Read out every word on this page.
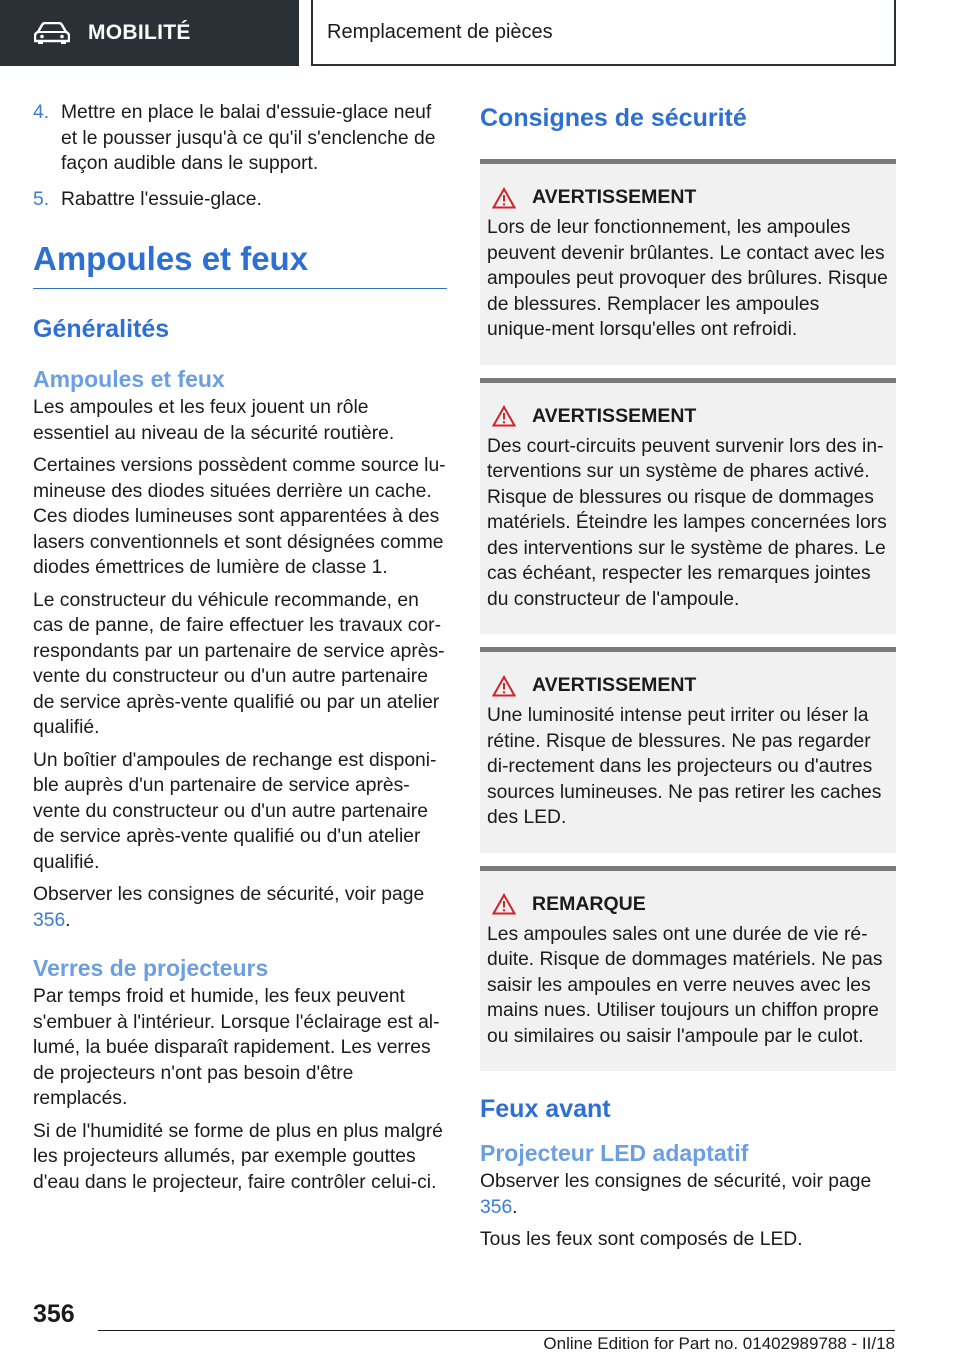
MOBILITÉ	Remplacement de pièces
4. Mettre en place le balai d'essuie-glace neuf et le pousser jusqu'à ce qu'il s'enclenche de façon audible dans le support.
5. Rabattre l'essuie-glace.
Ampoules et feux
Généralités
Ampoules et feux
Les ampoules et les feux jouent un rôle essentiel au niveau de la sécurité routière.
Certaines versions possèdent comme source lu-mineuse des diodes situées derrière un cache. Ces diodes lumineuses sont apparentées à des lasers conventionnels et sont désignées comme diodes émettrices de lumière de classe 1.
Le constructeur du véhicule recommande, en cas de panne, de faire effectuer les travaux cor-respondants par un partenaire de service après-vente du constructeur ou d'un autre partenaire de service après-vente qualifié ou par un atelier qualifié.
Un boîtier d'ampoules de rechange est disponi-ble auprès d'un partenaire de service après-vente du constructeur ou d'un autre partenaire de service après-vente qualifié ou d'un atelier qualifié.
Observer les consignes de sécurité, voir page 356.
Verres de projecteurs
Par temps froid et humide, les feux peuvent s'embuer à l'intérieur. Lorsque l'éclairage est al-lumé, la buée disparaît rapidement. Les verres de projecteurs n'ont pas besoin d'être remplacés.
Si de l'humidité se forme de plus en plus malgré les projecteurs allumés, par exemple gouttes d'eau dans le projecteur, faire contrôler celui-ci.
Consignes de sécurité
AVERTISSEMENT
Lors de leur fonctionnement, les ampoules peuvent devenir brûlantes. Le contact avec les ampoules peut provoquer des brûlures. Risque de blessures. Remplacer les ampoules unique-ment lorsqu'elles ont refroidi.
AVERTISSEMENT
Des court-circuits peuvent survenir lors des in-terventions sur un système de phares activé. Risque de blessures ou risque de dommages matériels. Éteindre les lampes concernées lors des interventions sur le système de phares. Le cas échéant, respecter les remarques jointes du constructeur de l'ampoule.
AVERTISSEMENT
Une luminosité intense peut irriter ou léser la rétine. Risque de blessures. Ne pas regarder di-rectement dans les projecteurs ou d'autres sources lumineuses. Ne pas retirer les caches des LED.
REMARQUE
Les ampoules sales ont une durée de vie ré-duite. Risque de dommages matériels. Ne pas saisir les ampoules en verre neuves avec les mains nues. Utiliser toujours un chiffon propre ou similaires ou saisir l'ampoule par le culot.
Feux avant
Projecteur LED adaptatif
Observer les consignes de sécurité, voir page 356.
Tous les feux sont composés de LED.
356
Online Edition for Part no. 01402989788 - II/18
